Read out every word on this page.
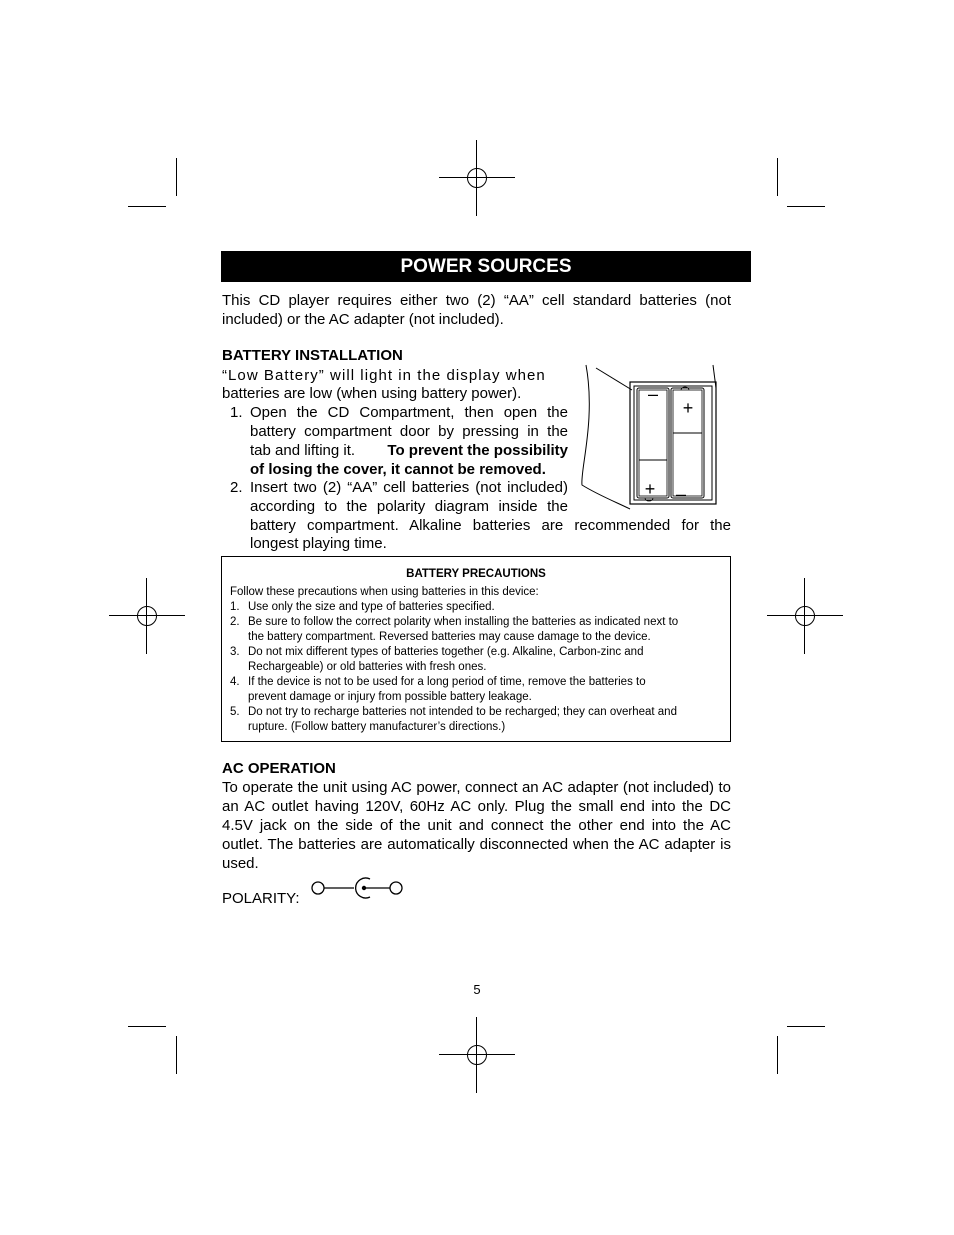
POWER SOURCES
This CD player requires either two (2) “AA” cell standard batteries (not included) or the AC adapter (not included).
BATTERY INSTALLATION
“Low Battery” will light in the display when
batteries are low (when using battery power).
1. Open the CD Compartment, then open the
battery compartment door by pressing in the
tab and lifting it. To prevent the possibility
of losing the cover, it cannot be removed.
2. Insert two (2) “AA” cell batteries (not included)
according to the polarity diagram inside the
battery compartment. Alkaline batteries are recommended for the
longest playing time.
–
+
+ –
BATTERY PRECAUTIONS
Follow these precautions when using batteries in this device:
1. Use only the size and type of batteries specified.
2. Be sure to follow the correct polarity when installing the batteries as indicated next to
the battery compartment. Reversed batteries may cause damage to the device.
3. Do not mix different types of batteries together (e.g. Alkaline, Carbon-zinc and
Rechargeable) or old batteries with fresh ones.
4. If the device is not to be used for a long period of time, remove the batteries to
prevent damage or injury from possible battery leakage.
5. Do not try to recharge batteries not intended to be recharged; they can overheat and
rupture. (Follow battery manufacturer’s directions.)
AC OPERATION
To operate the unit using AC power, connect an AC adapter (not included) to an AC outlet having 120V, 60Hz AC only. Plug the small end into the DC 4.5V jack on the side of the unit and connect the other end into the AC outlet. The batteries are automatically disconnected when the AC adapter is used.
POLARITY:
5
